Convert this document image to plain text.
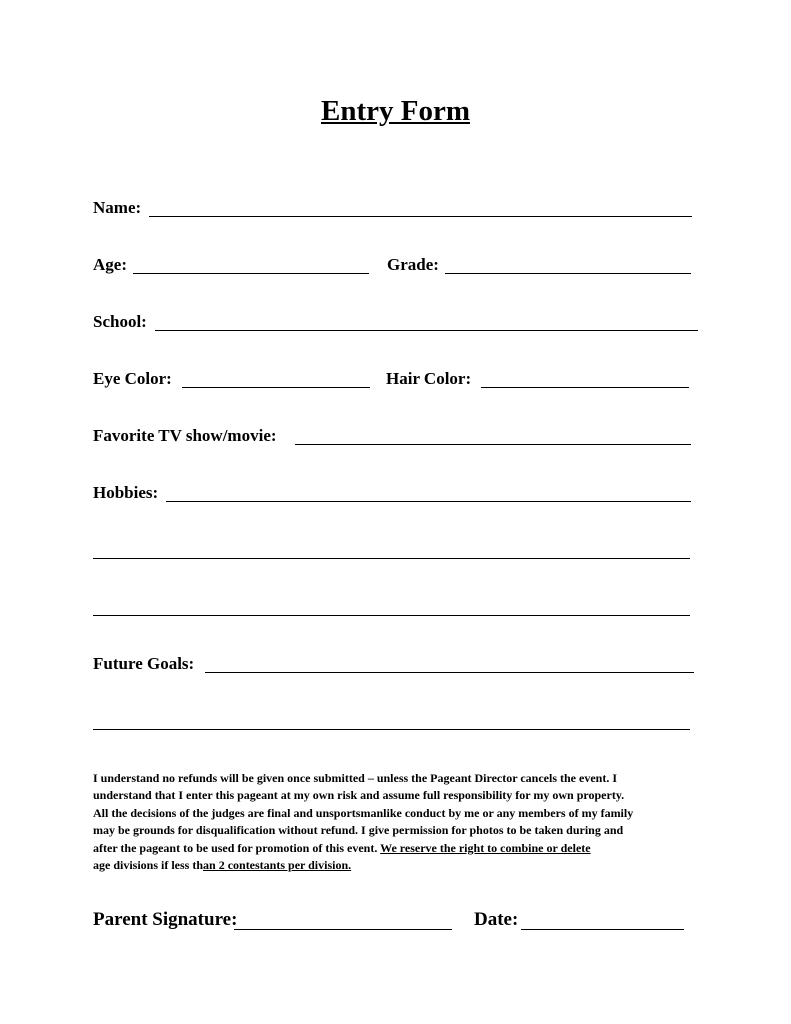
Entry Form
Name:
Age:	Grade:
School:
Eye Color:	Hair Color:
Favorite TV show/movie:
Hobbies:
Future Goals:
I understand no refunds will be given once submitted – unless the Pageant Director cancels the event. I
understand that I enter this pageant at my own risk and assume full responsibility for my own property.
All the decisions of the judges are final and unsportsmanlike conduct by me or any members of my family
may be grounds for disqualification without refund. I give permission for photos to be taken during and
after the pageant to be used for promotion of this event. We reserve the right to combine or delete
age divisions if less than 2 contestants per division.
Parent Signature:	Date:
